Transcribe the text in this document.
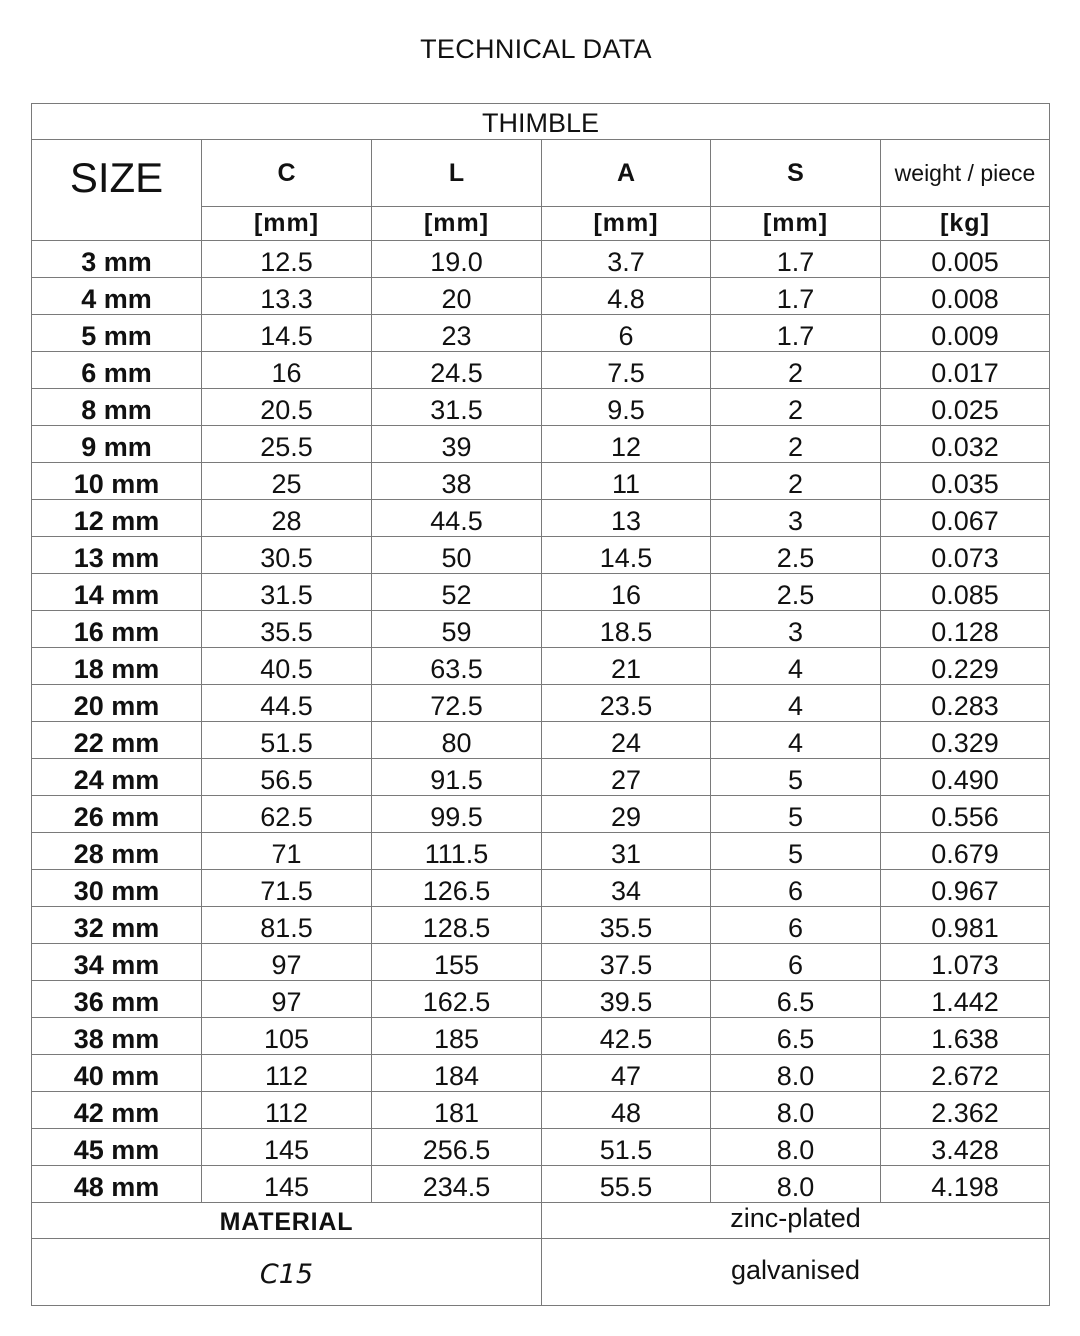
TECHNICAL DATA
THIMBLE					
SIZE	C	L	A	S	weight / piece
	[mm]	[mm]	[mm]	[mm]	[kg]
3 mm	12.5	19.0	3.7	1.7	0.005
4 mm	13.3	20	4.8	1.7	0.008
5 mm	14.5	23	6	1.7	0.009
6 mm	16	24.5	7.5	2	0.017
8 mm	20.5	31.5	9.5	2	0.025
9 mm	25.5	39	12	2	0.032
10 mm	25	38	11	2	0.035
12 mm	28	44.5	13	3	0.067
13 mm	30.5	50	14.5	2.5	0.073
14 mm	31.5	52	16	2.5	0.085
16 mm	35.5	59	18.5	3	0.128
18 mm	40.5	63.5	21	4	0.229
20 mm	44.5	72.5	23.5	4	0.283
22 mm	51.5	80	24	4	0.329
24 mm	56.5	91.5	27	5	0.490
26 mm	62.5	99.5	29	5	0.556
28 mm	71	111.5	31	5	0.679
30 mm	71.5	126.5	34	6	0.967
32 mm	81.5	128.5	35.5	6	0.981
34 mm	97	155	37.5	6	1.073
36 mm	97	162.5	39.5	6.5	1.442
38 mm	105	185	42.5	6.5	1.638
40 mm	112	184	47	8.0	2.672
42 mm	112	181	48	8.0	2.362
45 mm	145	256.5	51.5	8.0	3.428
48 mm	145	234.5	55.5	8.0	4.198
MATERIAL			zinc-plated		
C15			galvanised		
